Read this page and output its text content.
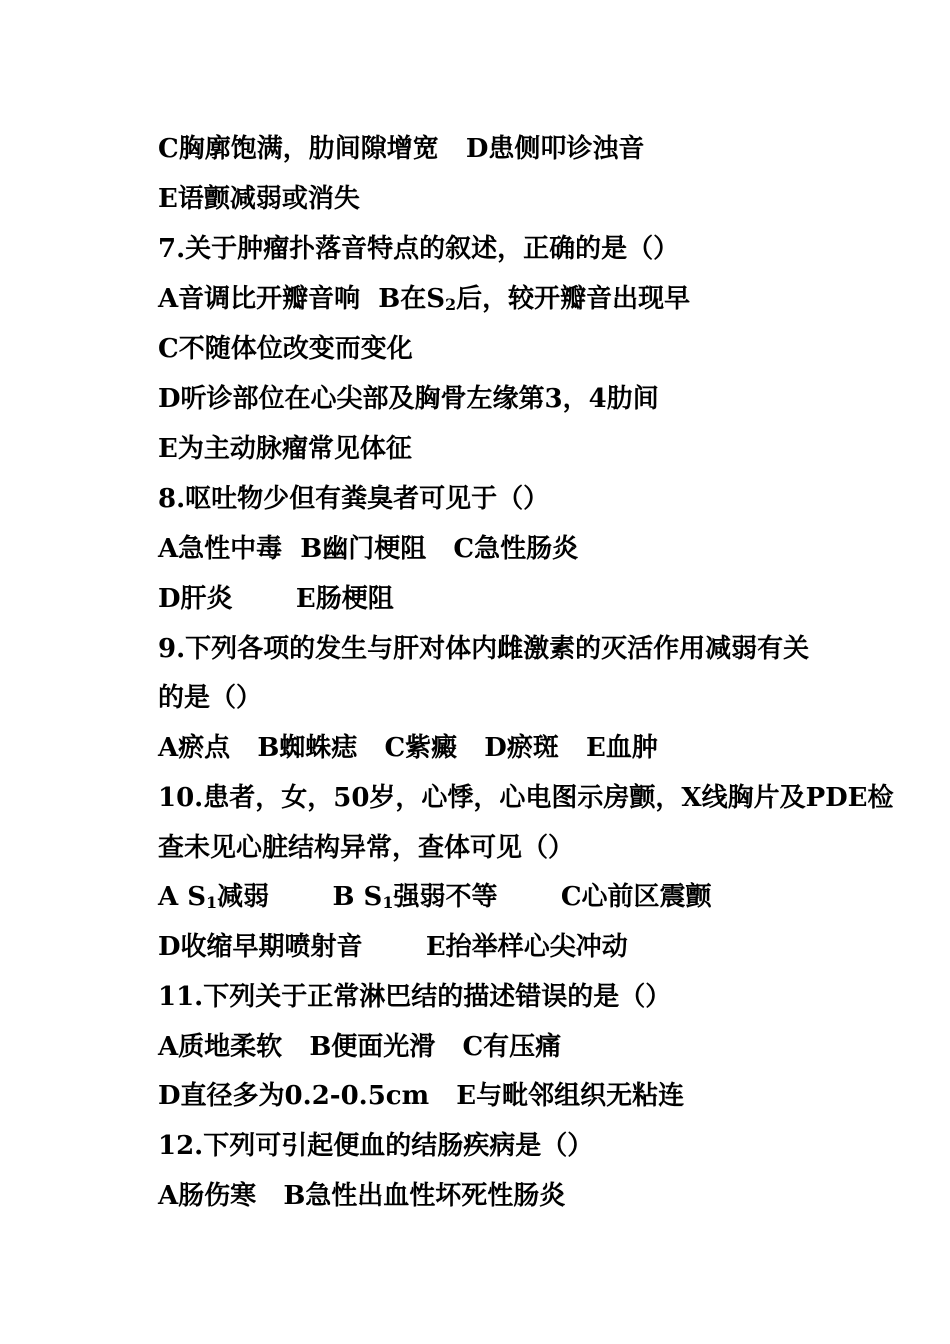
C胸廓饱满，肋间隙增宽   D患侧叩诊浊音
E语颤减弱或消失
7.关于肿瘤扑落音特点的叙述，正确的是（）
A音调比开瓣音响  B在$S_2$后，较开瓣音出现早
C不随体位改变而变化
D听诊部位在心尖部及胸骨左缘第3，4肋间
E为主动脉瘤常见体征
8.呕吐物少但有粪臭者可见于（）
A急性中毒  B幽门梗阻   C急性肠炎
D肝炎       E肠梗阻
9.下列各项的发生与肝对体内雌激素的灭活作用减弱有关
的是（）
A瘀点   B蜘蛛痣   C紫癜   D瘀斑   E血肿
10.患者，女，50岁，心悸，心电图示房颤，X线胸片及PDE检
查未见心脏结构异常，查体可见（）
A $S_1$减弱       B $S_1$强弱不等       C心前区震颤
D收缩早期喷射音       E抬举样心尖冲动
11.下列关于正常淋巴结的描述错误的是（）
A质地柔软   B便面光滑   C有压痛
D直径多为0.2-0.5cm   E与毗邻组织无粘连
12.下列可引起便血的结肠疾病是（）
A肠伤寒   B急性出血性坏死性肠炎
